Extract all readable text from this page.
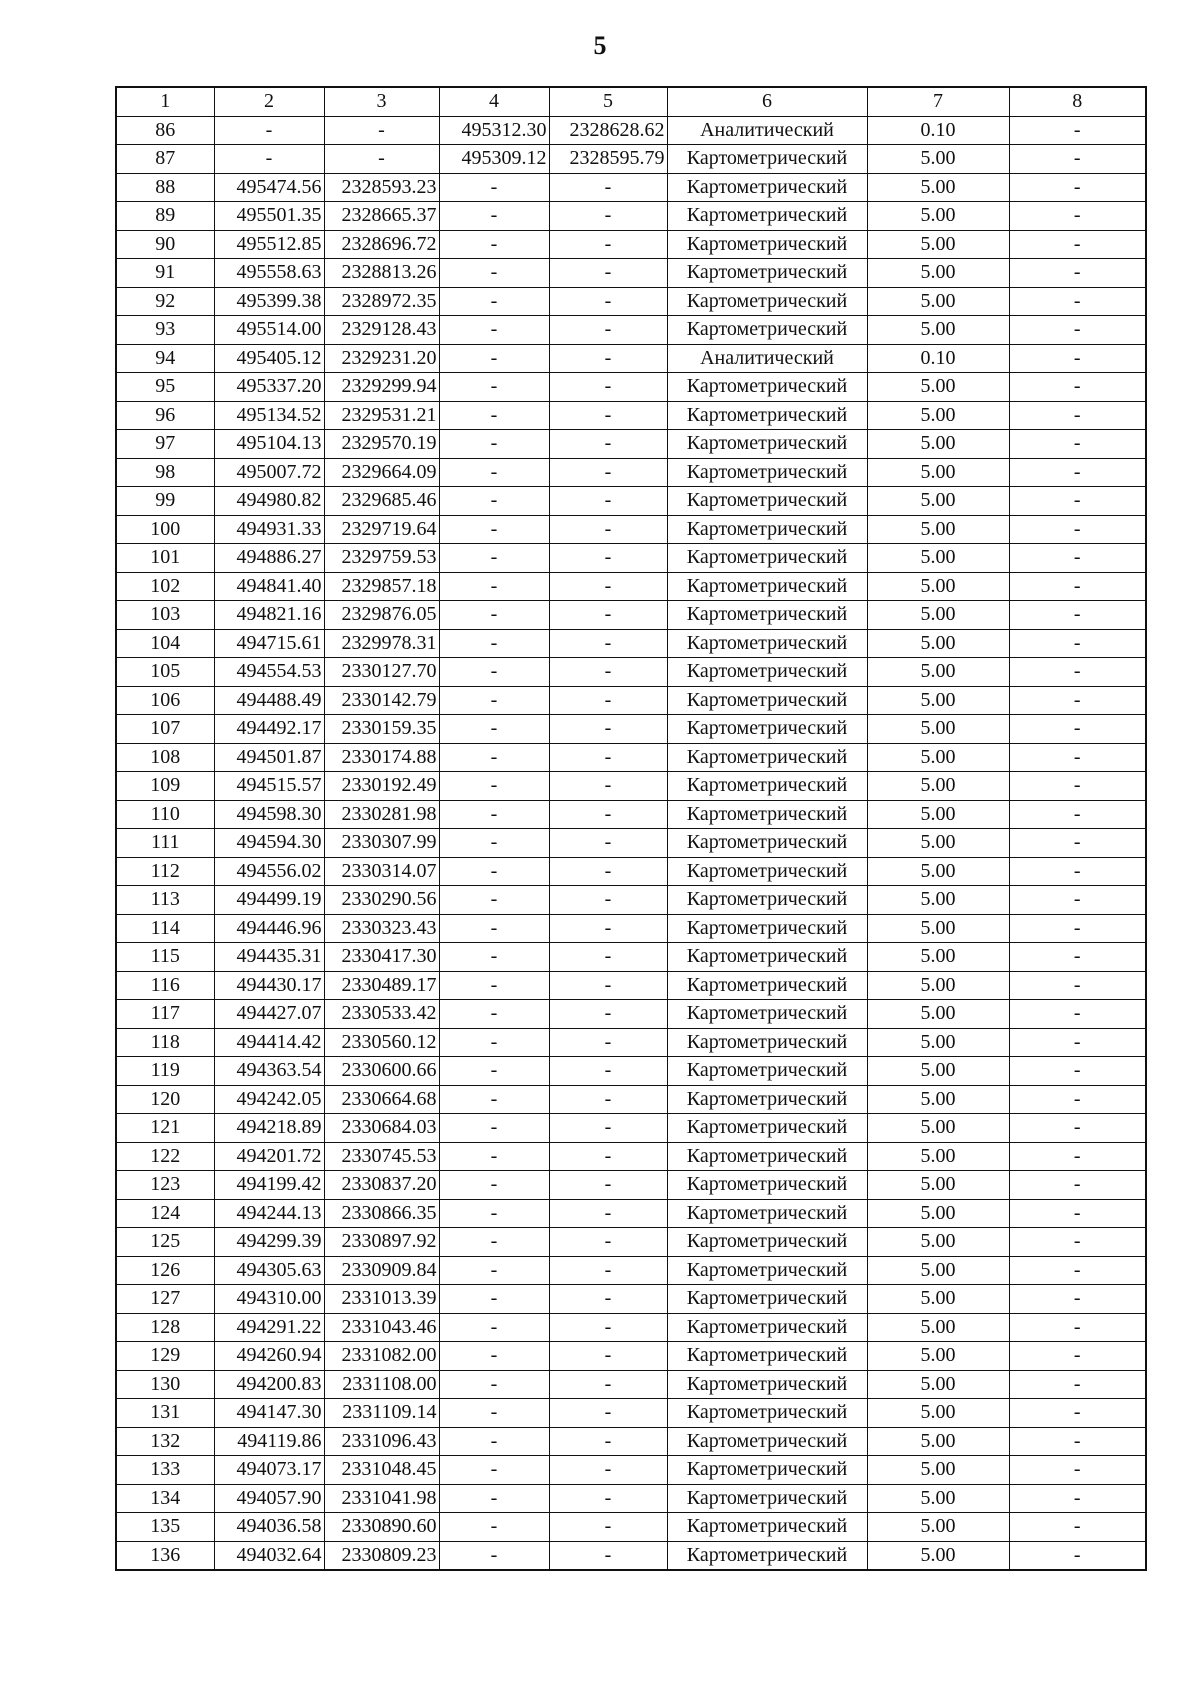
5
1	2	3	4	5	6	7	8
86	-	-	495312.30	2328628.62	Аналитический	0.10	-
87	-	-	495309.12	2328595.79	Картометрический	5.00	-
88	495474.56	2328593.23	-	-	Картометрический	5.00	-
89	495501.35	2328665.37	-	-	Картометрический	5.00	-
90	495512.85	2328696.72	-	-	Картометрический	5.00	-
91	495558.63	2328813.26	-	-	Картометрический	5.00	-
92	495399.38	2328972.35	-	-	Картометрический	5.00	-
93	495514.00	2329128.43	-	-	Картометрический	5.00	-
94	495405.12	2329231.20	-	-	Аналитический	0.10	-
95	495337.20	2329299.94	-	-	Картометрический	5.00	-
96	495134.52	2329531.21	-	-	Картометрический	5.00	-
97	495104.13	2329570.19	-	-	Картометрический	5.00	-
98	495007.72	2329664.09	-	-	Картометрический	5.00	-
99	494980.82	2329685.46	-	-	Картометрический	5.00	-
100	494931.33	2329719.64	-	-	Картометрический	5.00	-
101	494886.27	2329759.53	-	-	Картометрический	5.00	-
102	494841.40	2329857.18	-	-	Картометрический	5.00	-
103	494821.16	2329876.05	-	-	Картометрический	5.00	-
104	494715.61	2329978.31	-	-	Картометрический	5.00	-
105	494554.53	2330127.70	-	-	Картометрический	5.00	-
106	494488.49	2330142.79	-	-	Картометрический	5.00	-
107	494492.17	2330159.35	-	-	Картометрический	5.00	-
108	494501.87	2330174.88	-	-	Картометрический	5.00	-
109	494515.57	2330192.49	-	-	Картометрический	5.00	-
110	494598.30	2330281.98	-	-	Картометрический	5.00	-
111	494594.30	2330307.99	-	-	Картометрический	5.00	-
112	494556.02	2330314.07	-	-	Картометрический	5.00	-
113	494499.19	2330290.56	-	-	Картометрический	5.00	-
114	494446.96	2330323.43	-	-	Картометрический	5.00	-
115	494435.31	2330417.30	-	-	Картометрический	5.00	-
116	494430.17	2330489.17	-	-	Картометрический	5.00	-
117	494427.07	2330533.42	-	-	Картометрический	5.00	-
118	494414.42	2330560.12	-	-	Картометрический	5.00	-
119	494363.54	2330600.66	-	-	Картометрический	5.00	-
120	494242.05	2330664.68	-	-	Картометрический	5.00	-
121	494218.89	2330684.03	-	-	Картометрический	5.00	-
122	494201.72	2330745.53	-	-	Картометрический	5.00	-
123	494199.42	2330837.20	-	-	Картометрический	5.00	-
124	494244.13	2330866.35	-	-	Картометрический	5.00	-
125	494299.39	2330897.92	-	-	Картометрический	5.00	-
126	494305.63	2330909.84	-	-	Картометрический	5.00	-
127	494310.00	2331013.39	-	-	Картометрический	5.00	-
128	494291.22	2331043.46	-	-	Картометрический	5.00	-
129	494260.94	2331082.00	-	-	Картометрический	5.00	-
130	494200.83	2331108.00	-	-	Картометрический	5.00	-
131	494147.30	2331109.14	-	-	Картометрический	5.00	-
132	494119.86	2331096.43	-	-	Картометрический	5.00	-
133	494073.17	2331048.45	-	-	Картометрический	5.00	-
134	494057.90	2331041.98	-	-	Картометрический	5.00	-
135	494036.58	2330890.60	-	-	Картометрический	5.00	-
136	494032.64	2330809.23	-	-	Картометрический	5.00	-
